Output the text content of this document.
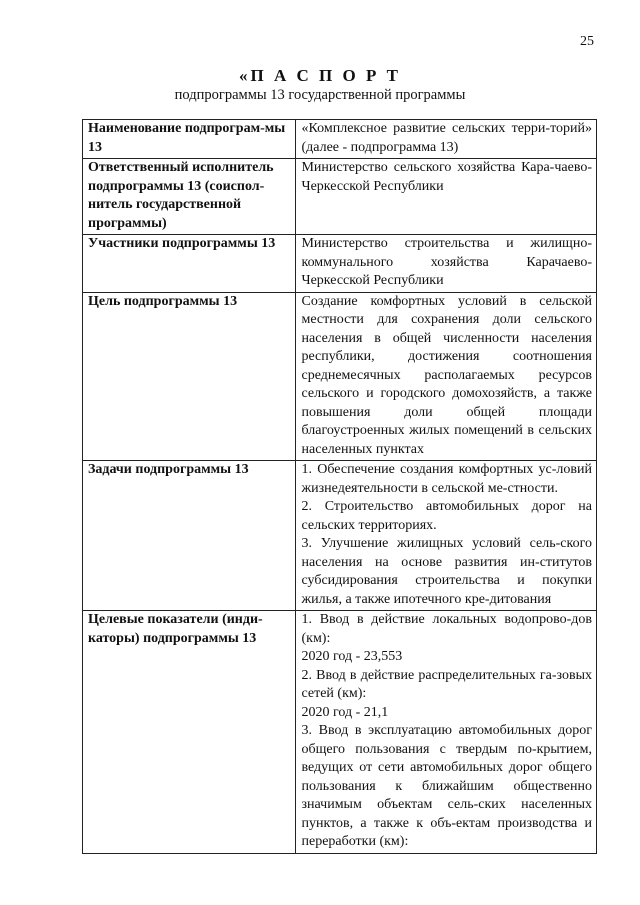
25
«П А С П О Р Т
подпрограммы 13 государственной программы
Наименование подпрограм-мы 13	«Комплексное развитие сельских терри-торий» (далее - подпрограмма 13)

Ответственный исполнитель подпрограммы 13 (соиспол-нитель государственной программы)	Министерство сельского хозяйства Кара-чаево-Черкесской Республики

Участники подпрограммы 13	Министерство строительства и жилищно-коммунального хозяйства Карачаево-Черкесской Республики

Цель подпрограммы 13	Создание комфортных условий в сельской местности для сохранения доли сельского населения в общей численности населения республики, достижения соотношения среднемесячных располагаемых ресурсов сельского и городского домохозяйств, а также повышения доли общей площади благоустроенных жилых помещений в сельских населенных пунктах

Задачи подпрограммы 13	1. Обеспечение создания комфортных ус-ловий жизнедеятельности в сельской ме-стности.
2. Строительство автомобильных дорог на сельских территориях.
3. Улучшение жилищных условий сель-ского населения на основе развития ин-ститутов субсидирования строительства и покупки жилья, а также ипотечного кре-дитования

Целевые показатели (инди-каторы) подпрограммы 13	1. Ввод в действие локальных водопрово-дов (км):
2020 год - 23,553
2. Ввод в действие распределительных га-зовых сетей (км):
2020 год - 21,1
3. Ввод в эксплуатацию автомобильных дорог общего пользования с твердым по-крытием, ведущих от сети автомобильных дорог общего пользования к ближайшим общественно значимым объектам сель-ских населенных пунктов, а также к объ-ектам производства и переработки (км):
